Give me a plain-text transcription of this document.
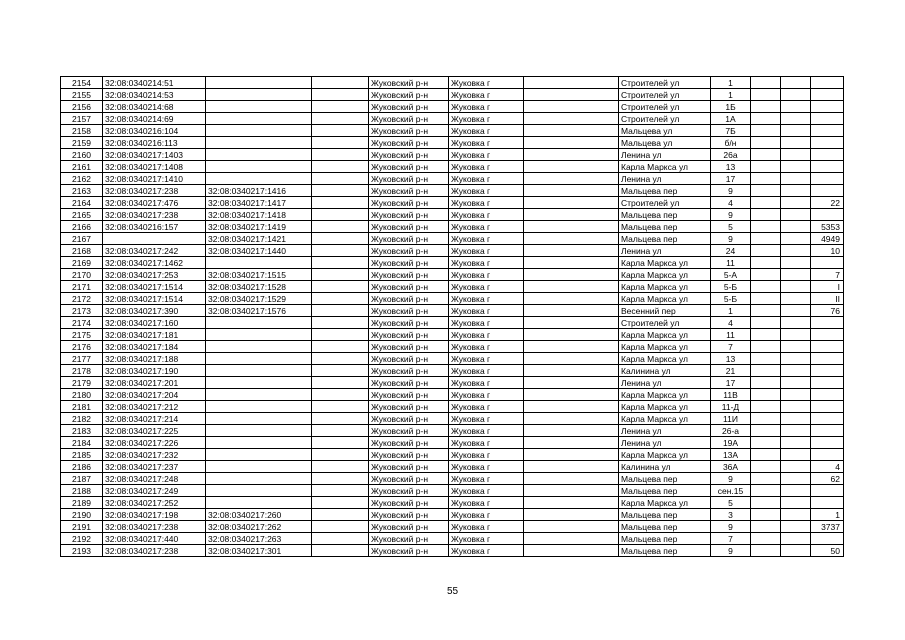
2154	32:08:0340214:51			Жуковский р-н	Жуковка г		Строителей ул	1			
2155	32:08:0340214:53			Жуковский р-н	Жуковка г		Строителей ул	1			
2156	32:08:0340214:68			Жуковский р-н	Жуковка г		Строителей ул	1Б			
2157	32:08:0340214:69			Жуковский р-н	Жуковка г		Строителей ул	1А			
2158	32:08:0340216:104			Жуковский р-н	Жуковка г		Мальцева ул	7Б			
2159	32:08:0340216:113			Жуковский р-н	Жуковка г		Мальцева ул	б/н			
2160	32:08:0340217:1403			Жуковский р-н	Жуковка г		Ленина ул	26а			
2161	32:08:0340217:1408			Жуковский р-н	Жуковка г		Карла Маркса ул	13			
2162	32:08:0340217:1410			Жуковский р-н	Жуковка г		Ленина ул	17			
2163	32:08:0340217:238	32:08:0340217:1416		Жуковский р-н	Жуковка г		Мальцева пер	9			
2164	32:08:0340217:476	32:08:0340217:1417		Жуковский р-н	Жуковка г		Строителей ул	4			22
2165	32:08:0340217:238	32:08:0340217:1418		Жуковский р-н	Жуковка г		Мальцева пер	9			
2166	32:08:0340216:157	32:08:0340217:1419		Жуковский р-н	Жуковка г		Мальцева пер	5			5353
2167		32:08:0340217:1421		Жуковский р-н	Жуковка г		Мальцева пер	9			4949
2168	32:08:0340217:242	32:08:0340217:1440		Жуковский р-н	Жуковка г		Ленина ул	24			10
2169	32:08:0340217:1462			Жуковский р-н	Жуковка г		Карла Маркса ул	11			
2170	32:08:0340217:253	32:08:0340217:1515		Жуковский р-н	Жуковка г		Карла Маркса ул	5-А			7
2171	32:08:0340217:1514	32:08:0340217:1528		Жуковский р-н	Жуковка г		Карла Маркса ул	5-Б			I
2172	32:08:0340217:1514	32:08:0340217:1529		Жуковский р-н	Жуковка г		Карла Маркса ул	5-Б			II
2173	32:08:0340217:390	32:08:0340217:1576		Жуковский р-н	Жуковка г		Весенний пер	1			76
2174	32:08:0340217:160			Жуковский р-н	Жуковка г		Строителей ул	4			
2175	32:08:0340217:181			Жуковский р-н	Жуковка г		Карла Маркса ул	11			
2176	32:08:0340217:184			Жуковский р-н	Жуковка г		Карла Маркса ул	7			
2177	32:08:0340217:188			Жуковский р-н	Жуковка г		Карла Маркса ул	13			
2178	32:08:0340217:190			Жуковский р-н	Жуковка г		Калинина ул	21			
2179	32:08:0340217:201			Жуковский р-н	Жуковка г		Ленина ул	17			
2180	32:08:0340217:204			Жуковский р-н	Жуковка г		Карла Маркса ул	11В			
2181	32:08:0340217:212			Жуковский р-н	Жуковка г		Карла Маркса ул	11-Д			
2182	32:08:0340217:214			Жуковский р-н	Жуковка г		Карла Маркса ул	11И			
2183	32:08:0340217:225			Жуковский р-н	Жуковка г		Ленина ул	26-а			
2184	32:08:0340217:226			Жуковский р-н	Жуковка г		Ленина ул	19А			
2185	32:08:0340217:232			Жуковский р-н	Жуковка г		Карла Маркса ул	13А			
2186	32:08:0340217:237			Жуковский р-н	Жуковка г		Калинина ул	36А			4
2187	32:08:0340217:248			Жуковский р-н	Жуковка г		Мальцева пер	9			62
2188	32:08:0340217:249			Жуковский р-н	Жуковка г		Мальцева пер	сен.15			
2189	32:08:0340217:252			Жуковский р-н	Жуковка г		Карла Маркса ул	5			
2190	32:08:0340217:198	32:08:0340217:260		Жуковский р-н	Жуковка г		Мальцева пер	3			1
2191	32:08:0340217:238	32:08:0340217:262		Жуковский р-н	Жуковка г		Мальцева пер	9			3737
2192	32:08:0340217:440	32:08:0340217:263		Жуковский р-н	Жуковка г		Мальцева пер	7			
2193	32:08:0340217:238	32:08:0340217:301		Жуковский р-н	Жуковка г		Мальцева пер	9			50
55
